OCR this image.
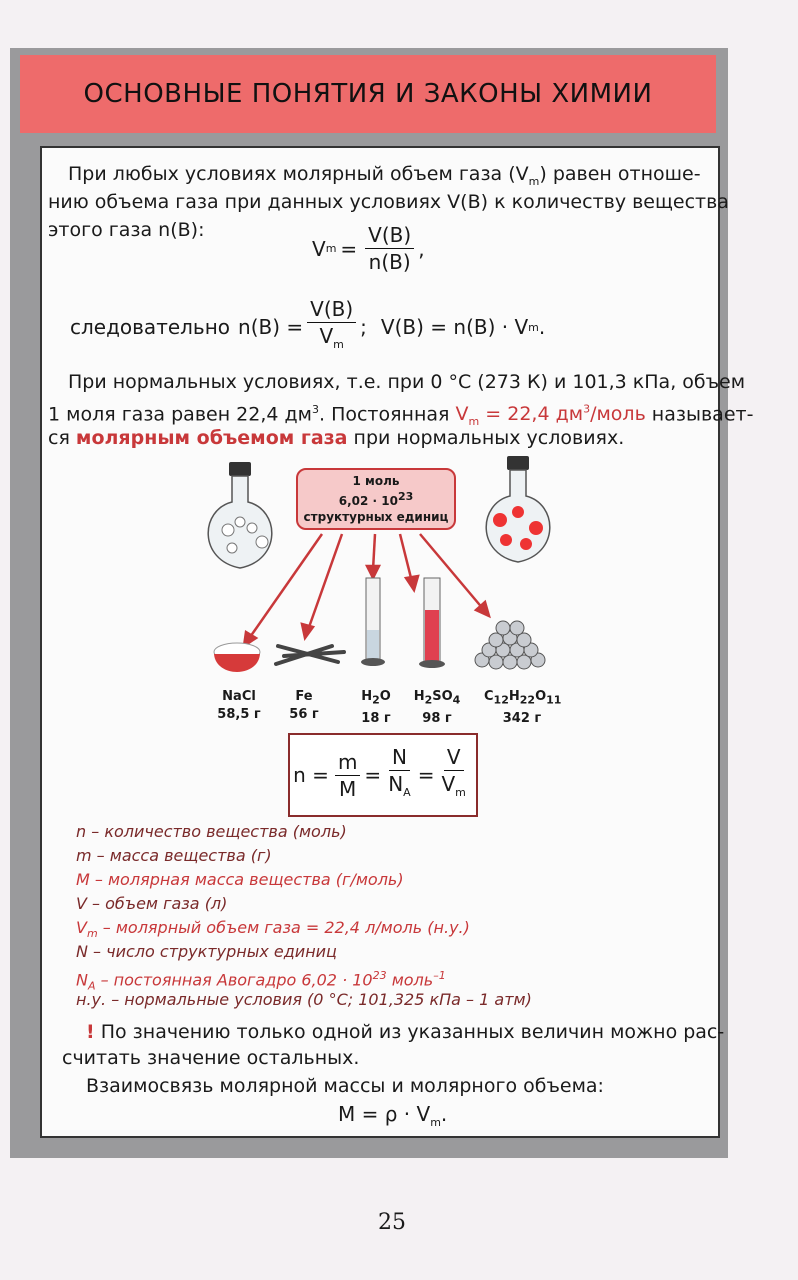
ОСНОВНЫЕ ПОНЯТИЯ И ЗАКОНЫ ХИМИИ
При любых условиях молярный объем газа $(V_m)$ равен отноше-
нию объема газа при данных условиях V(B) к количеству вещества
этого газа n(B):
V $m = \frac{V(B)}{n(B)}$ ,
следовательно $n(B) = \frac{V(B)}{V_m}$ ; V(B) = n(B) · V m .
При нормальных условиях, т.е. при 0 °С (273 К) и 101,3 кПа, объем
1 моля газа равен 22,4 $дм^3$. Постоянная $V_m = 22,4$ $дм^3$/моль называет-
ся молярным объемом газа при нормальных условиях.
1 моль
$6,02 \cdot 10^{23}$
структурных единиц
NaCl
58,5 г
Fe
56 г
$H_2O$
18 г
$H_2SO_4$
98 г
$C_{12}H_{22}O_{11}$
342 г
$n = \frac{m}{M} = \frac{N}{N_A} = \frac{V}{V_m}$
n – количество вещества (моль)
m – масса вещества (г)
M – молярная масса вещества (г/моль)
V – объем газа (л)
$V_m$ – молярный объем газа = 22,4 л/моль (н.у.)
N – число структурных единиц
$N_A$ – постоянная Авогадро $6,02 \cdot 10^{23}$ моль$^{-1}$
н.у. – нормальные условия (0 °С; 101,325 кПа – 1 атм)
! По значению только одной из указанных величин можно рас-
считать значение остальных.
Взаимосвязь молярной массы и молярного объема:
$M = \rho \cdot V_m$.
25
